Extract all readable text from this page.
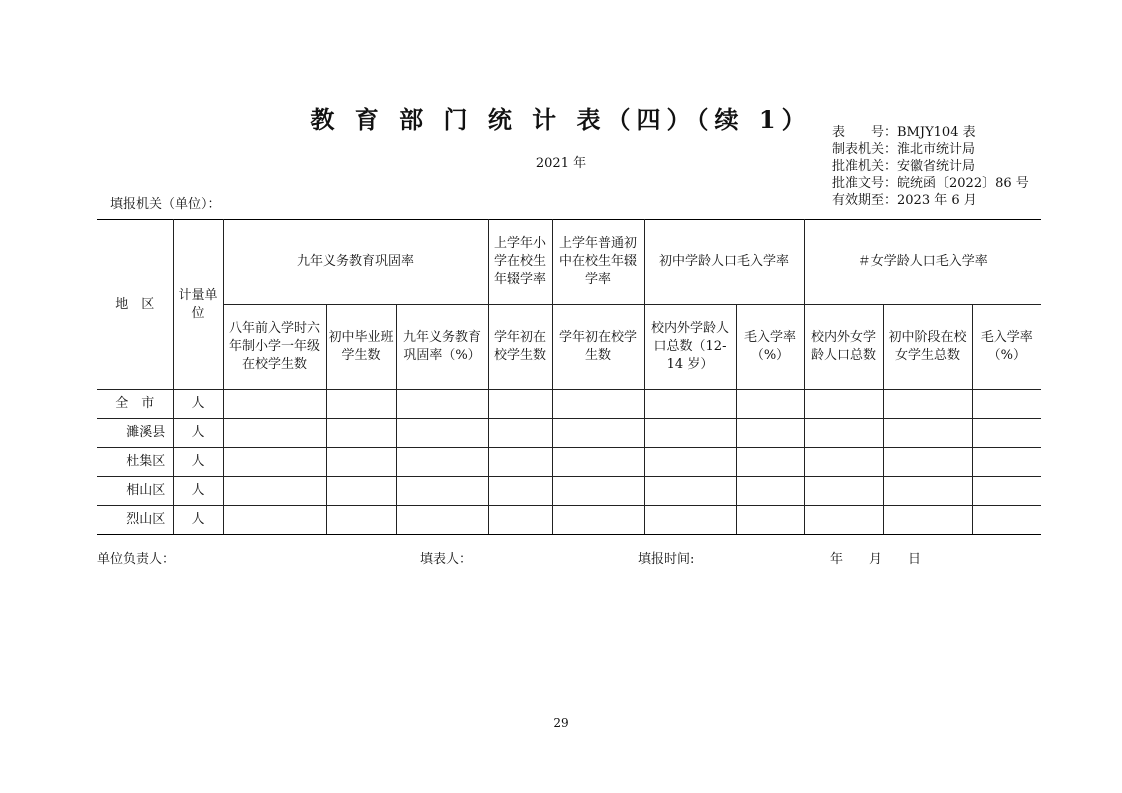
教 育 部 门 统 计 表（四）（续 1）
2021 年
表　　号：BMJY104 表
制表机关：淮北市统计局
批准机关：安徽省统计局
批准文号：皖统函〔2022〕86 号
有效期至：2023 年 6 月
填报机关（单位）：
地　区	计量单位	九年义务教育巩固率			上学年小学在校生年辍学率	上学年普通初中在校生年辍学率	初中学龄人口毛入学率		＃女学龄人口毛入学率		
		八年前入学时六年制小学一年级在校学生数	初中毕业班学生数	九年义务教育巩固率（%）	学年初在校学生数	学年初在校学生数	校内外学龄人口总数（12-14 岁）	毛入学率（%）	校内外女学龄人口总数	初中阶段在校女学生总数	毛入学率（%）
全　市	人										
濉溪县	人										
杜集区	人										
相山区	人										
烈山区	人										
单位负责人：	填表人：	填报时间:	年　　月　　日
29
